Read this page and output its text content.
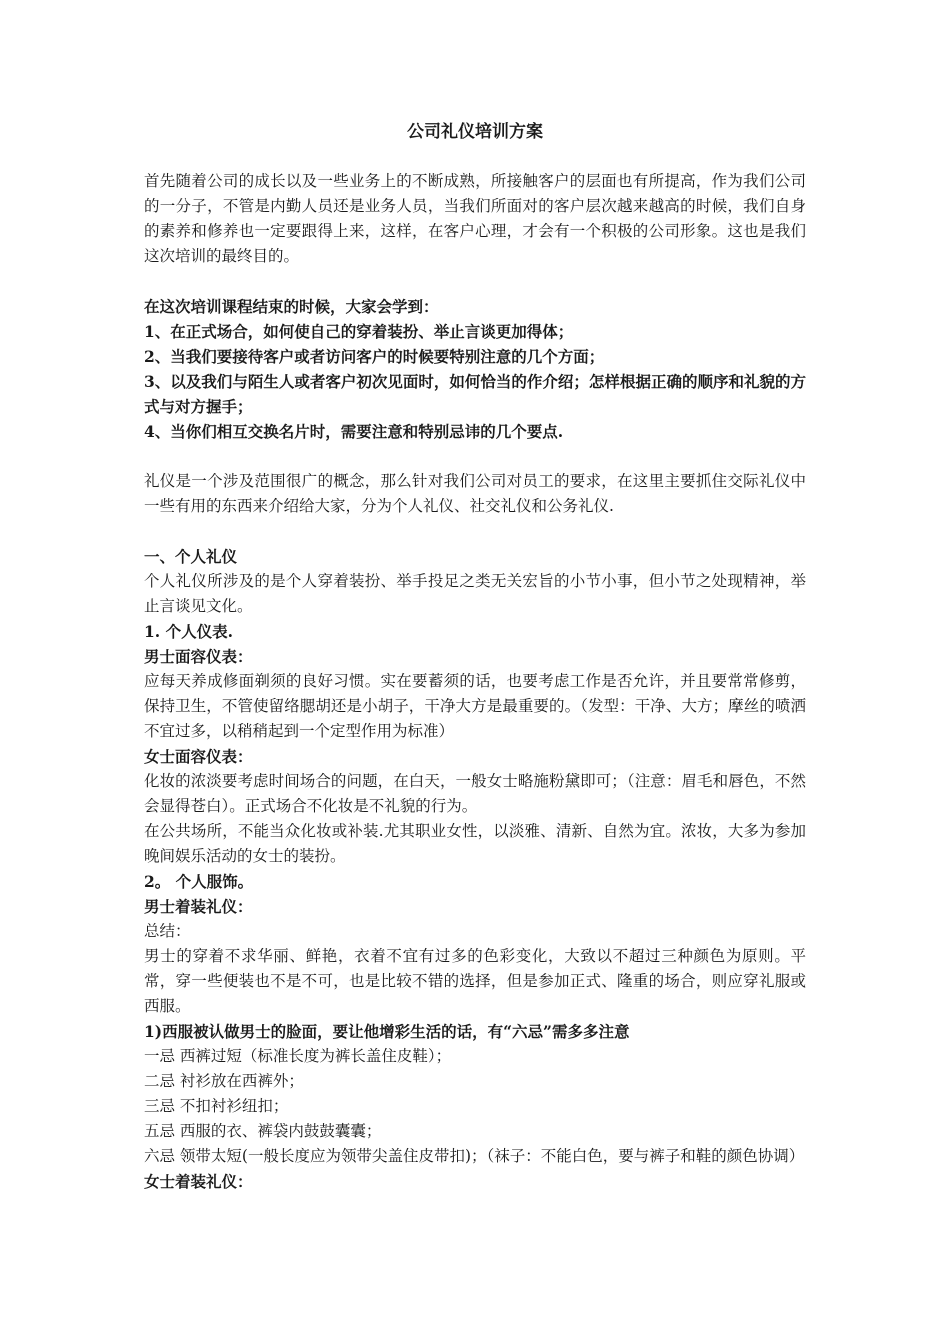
公司礼仪培训方案

首先随着公司的成长以及一些业务上的不断成熟，所接触客户的层面也有所提高，作为我们公司的一分子，不管是内勤人员还是业务人员，当我们所面对的客户层次越来越高的时候，我们自身的素养和修养也一定要跟得上来，这样，在客户心理，才会有一个积极的公司形象。这也是我们这次培训的最终目的。

在这次培训课程结束的时候，大家会学到：

1、在正式场合，如何使自己的穿着装扮、举止言谈更加得体；

2、当我们要接待客户或者访问客户的时候要特别注意的几个方面；

3、以及我们与陌生人或者客户初次见面时，如何恰当的作介绍；怎样根据正确的顺序和礼貌的方式与对方握手；

4、当你们相互交换名片时，需要注意和特别忌讳的几个要点.

礼仪是一个涉及范围很广的概念，那么针对我们公司对员工的要求，在这里主要抓住交际礼仪中一些有用的东西来介绍给大家，分为个人礼仪、社交礼仪和公务礼仪.

一、个人礼仪

个人礼仪所涉及的是个人穿着装扮、举手投足之类无关宏旨的小节小事，但小节之处现精神，举止言谈见文化。

1. 个人仪表.

男士面容仪表：

应每天养成修面剃须的良好习惯。实在要蓄须的话，也要考虑工作是否允许，并且要常常修剪，保持卫生，不管使留络腮胡还是小胡子，干净大方是最重要的。（发型：干净、大方；摩丝的喷洒不宜过多，以稍稍起到一个定型作用为标准）

女士面容仪表：

化妆的浓淡要考虑时间场合的问题，在白天，一般女士略施粉黛即可；（注意：眉毛和唇色，不然会显得苍白）。正式场合不化妆是不礼貌的行为。

在公共场所，不能当众化妆或补装.尤其职业女性，以淡雅、清新、自然为宜。浓妆，大多为参加晚间娱乐活动的女士的装扮。

2。 个人服饰。

男士着装礼仪：

总结：

男士的穿着不求华丽、鲜艳，衣着不宜有过多的色彩变化，大致以不超过三种颜色为原则。平常，穿一些便装也不是不可，也是比较不错的选择，但是参加正式、隆重的场合，则应穿礼服或西服。

1)西服被认做男士的脸面，要让他增彩生活的话，有“六忌”需多多注意

一忌 西裤过短（标准长度为裤长盖住皮鞋）；

二忌 衬衫放在西裤外；

三忌 不扣衬衫纽扣；

五忌 西服的衣、裤袋内鼓鼓囊囊；

六忌 领带太短(一般长度应为领带尖盖住皮带扣)；（袜子：不能白色，要与裤子和鞋的颜色协调）

女士着装礼仪：
